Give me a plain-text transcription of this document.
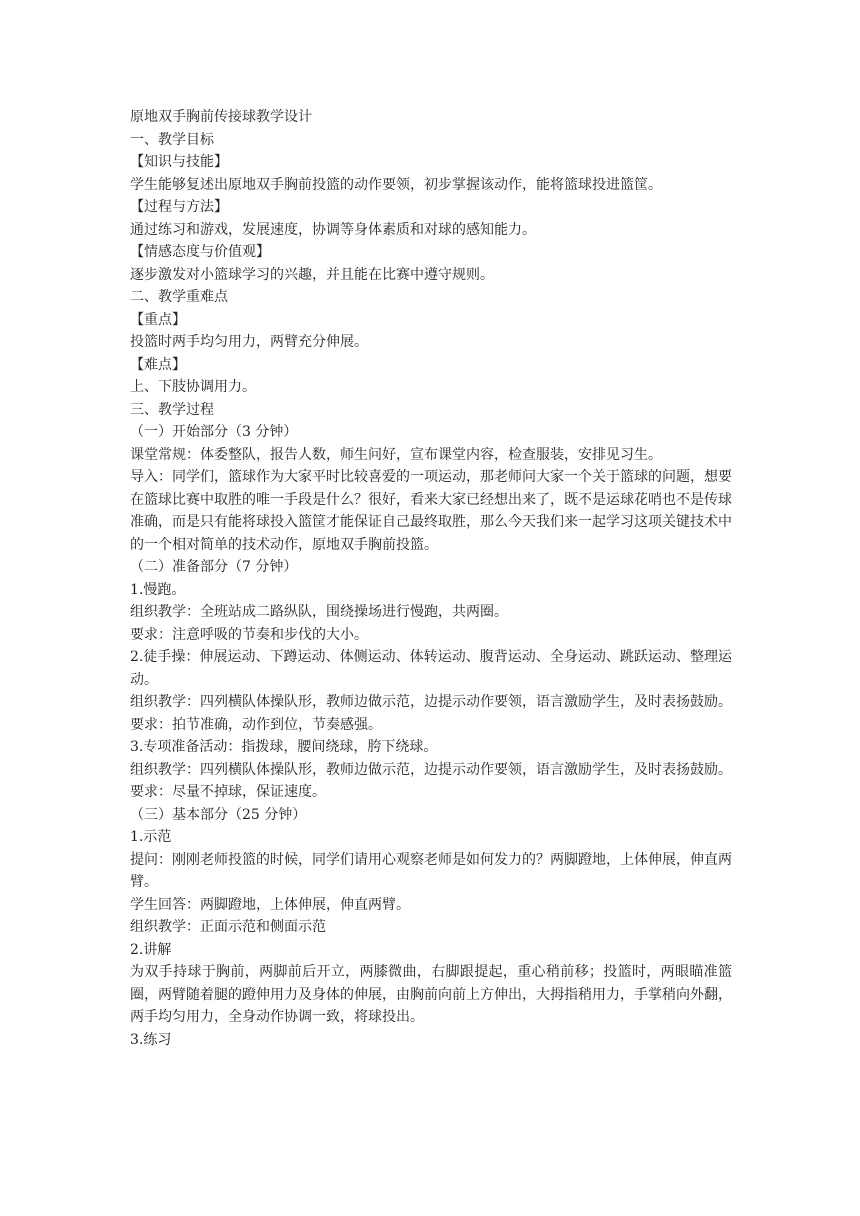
原地双手胸前传接球教学设计

一、教学目标

【知识与技能】

学生能够复述出原地双手胸前投篮的动作要领，初步掌握该动作，能将篮球投进篮筐。

【过程与方法】

通过练习和游戏，发展速度，协调等身体素质和对球的感知能力。

【情感态度与价值观】

逐步激发对小篮球学习的兴趣，并且能在比赛中遵守规则。

二、教学重难点

【重点】

投篮时两手均匀用力，两臂充分伸展。

【难点】

上、下肢协调用力。

三、教学过程

（一）开始部分（3 分钟）

课堂常规：体委整队，报告人数，师生问好，宣布课堂内容，检查服装，安排见习生。

导入：同学们，篮球作为大家平时比较喜爱的一项运动，那老师问大家一个关于篮球的问题，想要在篮球比赛中取胜的唯一手段是什么？很好，看来大家已经想出来了，既不是运球花哨也不是传球准确，而是只有能将球投入篮筐才能保证自己最终取胜，那么今天我们来一起学习这项关键技术中的一个相对简单的技术动作，原地双手胸前投篮。

（二）准备部分（7 分钟）

1.慢跑。

组织教学：全班站成二路纵队，围绕操场进行慢跑，共两圈。

要求：注意呼吸的节奏和步伐的大小。

2.徒手操：伸展运动、下蹲运动、体侧运动、体转运动、腹背运动、全身运动、跳跃运动、整理运动。

组织教学：四列横队体操队形，教师边做示范，边提示动作要领，语言激励学生，及时表扬鼓励。

要求：拍节准确，动作到位，节奏感强。

3.专项准备活动：指拨球，腰间绕球，胯下绕球。

组织教学：四列横队体操队形，教师边做示范，边提示动作要领，语言激励学生，及时表扬鼓励。

要求：尽量不掉球，保证速度。

（三）基本部分（25 分钟）

1.示范

提问：刚刚老师投篮的时候，同学们请用心观察老师是如何发力的？两脚蹬地，上体伸展，伸直两臂。

学生回答：两脚蹬地，上体伸展，伸直两臂。

组织教学：正面示范和侧面示范

2.讲解

为双手持球于胸前，两脚前后开立，两膝微曲，右脚跟提起，重心稍前移；投篮时，两眼瞄准篮圈，两臂随着腿的蹬伸用力及身体的伸展，由胸前向前上方伸出，大拇指稍用力，手掌稍向外翻，两手均匀用力，全身动作协调一致，将球投出。

3.练习
